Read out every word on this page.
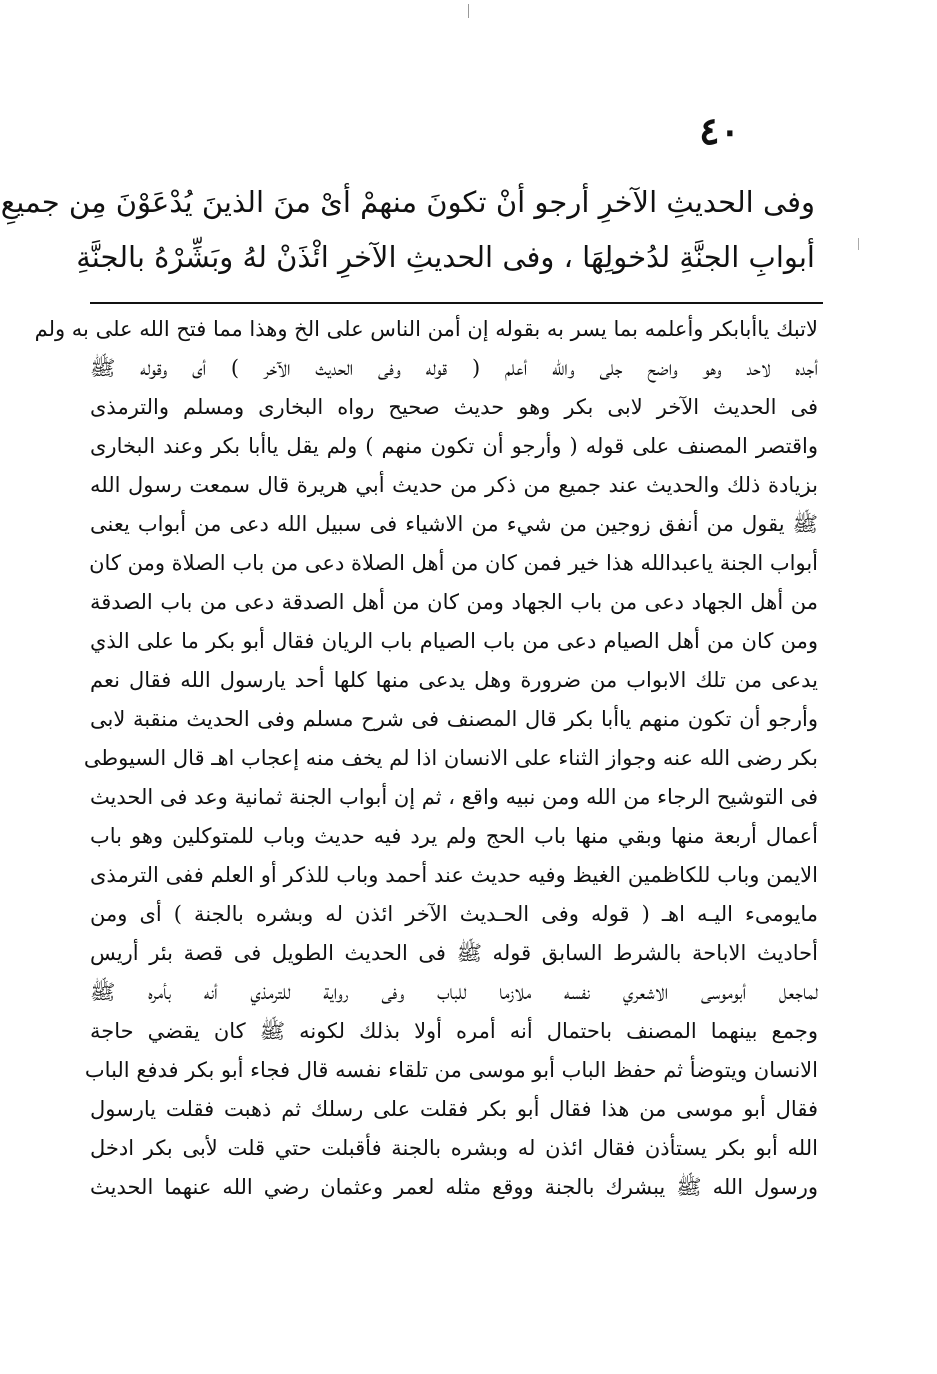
٤٠
وفى الحديثِ الآخرِ أرجو أنْ تكونَ منهمْ أىْ منَ الذينَ يُدْعَوْنَ مِن جميعِ
أبوابِ الجنَّةِ لدُخولِهَا ، وفى الحديثِ الآخرِ ائْذَنْ لهُ وبَشِّرْهُ بالجنَّةِ
لاتبك ياأبابكر وأعلمه بما يسر به بقوله إن أمن الناس على الخ وهذا مما فتح الله على به ولم
أجده لاحد وهو واضح جلى والله أعلم ( قوله وفى الحديث الآخر ) أى وقوله ﷺ
فى الحديث الآخر لابى بكر وهو حديث صحيح رواه البخارى ومسلم والترمذى
واقتصر المصنف على قوله ( وأرجو أن تكون منهم ) ولم يقل ياأبا بكر وعند البخارى
بزيادة ذلك والحديث عند جميع من ذكر من حديث أبي هريرة قال سمعت رسول الله
ﷺ يقول من أنفق زوجين من شيء من الاشياء فى سبيل الله دعى من أبواب يعنى
أبواب الجنة ياعبدالله هذا خير فمن كان من أهل الصلاة دعى من باب الصلاة ومن كان
من أهل الجهاد دعى من باب الجهاد ومن كان من أهل الصدقة دعى من باب الصدقة
ومن كان من أهل الصيام دعى من باب الصيام باب الريان فقال أبو بكر ما على الذي
يدعى من تلك الابواب من ضرورة وهل يدعى منها كلها أحد يارسول الله فقال نعم
وأرجو أن تكون منهم ياأبا بكر قال المصنف فى شرح مسلم وفى الحديث منقبة لابى
بكر رضى الله عنه وجواز الثناء على الانسان اذا لم يخف منه إعجاب اهـ قال السيوطى
فى التوشيح الرجاء من الله ومن نبيه واقع ، ثم إن أبواب الجنة ثمانية وعد فى الحديث
أعمال أربعة منها وبقي منها باب الحج ولم يرد فيه حديث وباب للمتوكلين وهو باب
الايمن وباب للكاظمين الغيظ وفيه حديث عند أحمد وباب للذكر أو العلم ففى الترمذى
مايومىء اليـه اهـ ( قوله وفى الحـديث الآخر ائذن له وبشره بالجنة ) أى ومن
أحاديث الاباحة بالشرط السابق قوله ﷺ فى الحديث الطويل فى قصة بئر أريس
لماجعل أبوموسى الاشعري نفسه ملازما للباب وفى رواية للترمذي أنه بأمره ﷺ
وجمع بينهما المصنف باحتمال أنه أمره أولا بذلك لكونه ﷺ كان يقضي حاجة
الانسان ويتوضأ ثم حفظ الباب أبو موسى من تلقاء نفسه قال فجاء أبو بكر فدفع الباب
فقال أبو موسى من هذا فقال أبو بكر فقلت على رسلك ثم ذهبت فقلت يارسول
الله أبو بكر يستأذن فقال ائذن له وبشره بالجنة فأقبلت حتي قلت لأبى بكر ادخل
ورسول الله ﷺ يبشرك بالجنة ووقع مثله لعمر وعثمان رضي الله عنهما الحديث
